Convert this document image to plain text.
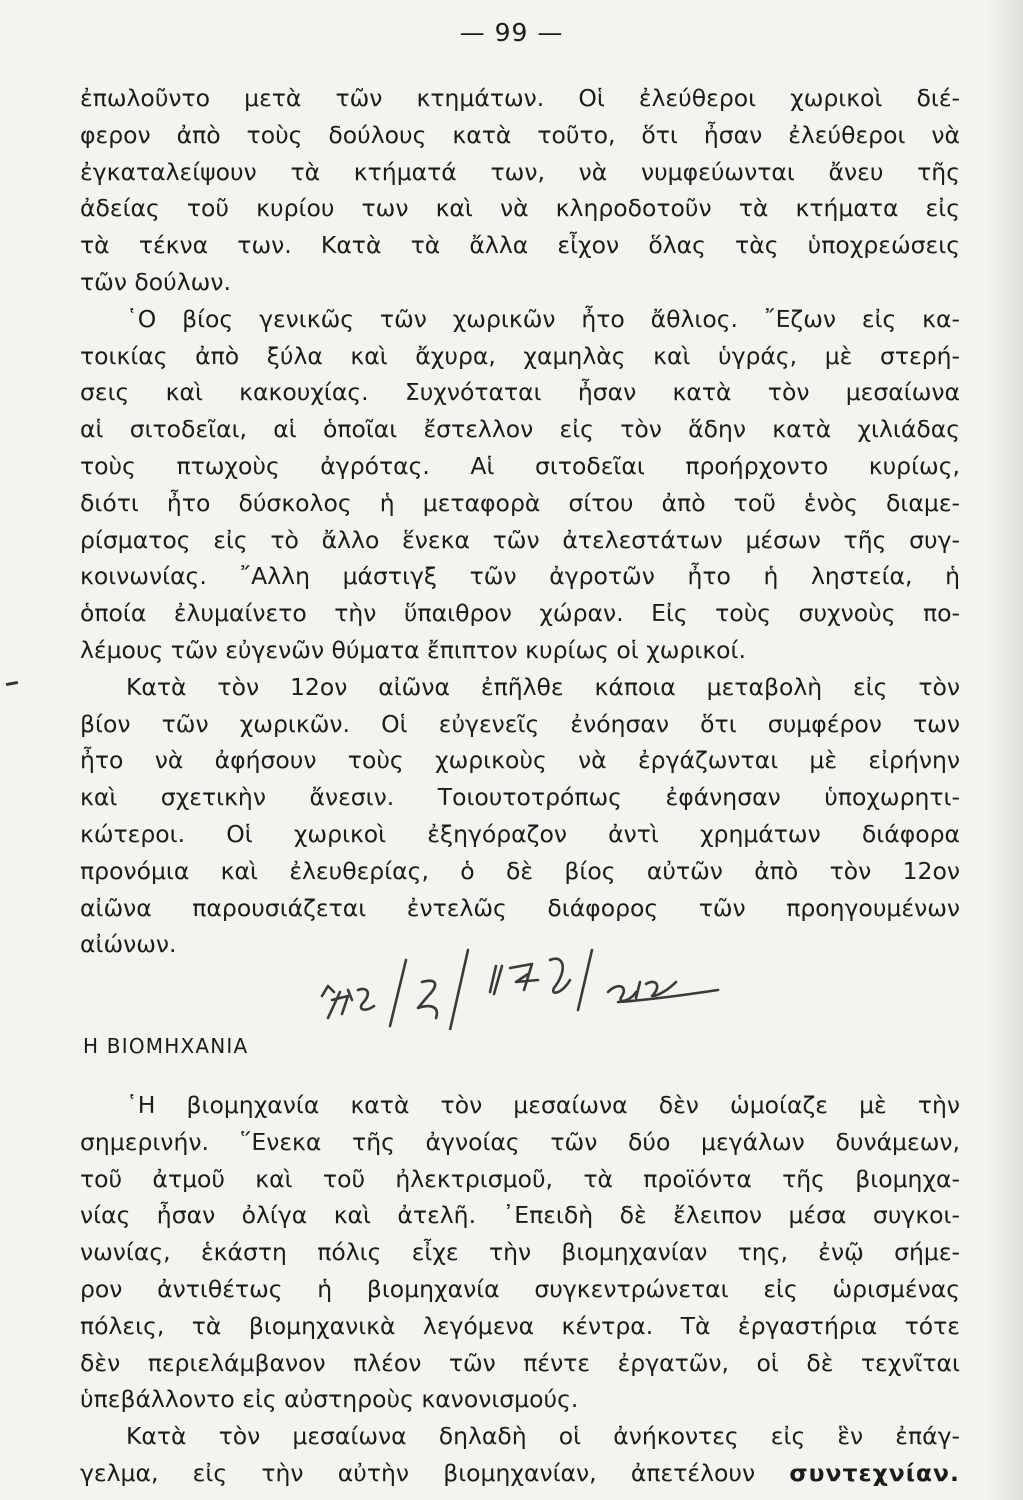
— 99 —
ἐπωλοῦντο μετὰ τῶν κτημάτων. Οἱ ἐλεύθεροι χωρικοὶ διέ-
φερον ἀπὸ τοὺς δούλους κατὰ τοῦτο, ὅτι ἦσαν ἐλεύθεροι νὰ
ἐγκαταλείψουν τὰ κτήματά των, νὰ νυμφεύωνται ἄνευ τῆς
ἀδείας τοῦ κυρίου των καὶ νὰ κληροδοτοῦν τὰ κτήματα εἰς
τὰ τέκνα των. Κατὰ τὰ ἄλλα εἶχον ὅλας τὰς ὑποχρεώσεις
τῶν δούλων.
῾Ο βίος γενικῶς τῶν χωρικῶν ἦτο ἄθλιος. ῎Εζων εἰς κα-
τοικίας ἀπὸ ξύλα καὶ ἄχυρα, χαμηλὰς καὶ ὑγράς, μὲ στερή-
σεις καὶ κακουχίας. Συχνόταται ἦσαν κατὰ τὸν μεσαίωνα
αἱ σιτοδεῖαι, αἱ ὁποῖαι ἔστελλον εἰς τὸν ἅδην κατὰ χιλιάδας
τοὺς πτωχοὺς ἀγρότας. Αἱ σιτοδεῖαι προήρχοντο κυρίως,
διότι ἦτο δύσκολος ἡ μεταφορὰ σίτου ἀπὸ τοῦ ἑνὸς διαμε-
ρίσματος εἰς τὸ ἄλλο ἕνεκα τῶν ἀτελεστάτων μέσων τῆς συγ-
κοινωνίας. ῎Αλλη μάστιγξ τῶν ἀγροτῶν ἦτο ἡ ληστεία, ἡ
ὁποία ἐλυμαίνετο τὴν ὕπαιθρον χώραν. Εἰς τοὺς συχνοὺς πο-
λέμους τῶν εὐγενῶν θύματα ἔπιπτον κυρίως οἱ χωρικοί.
Κατὰ τὸν 12ον αἰῶνα ἐπῆλθε κάποια μεταβολὴ εἰς τὸν
βίον τῶν χωρικῶν. Οἱ εὐγενεῖς ἐνόησαν ὅτι συμφέρον των
ἦτο νὰ ἀφήσουν τοὺς χωρικοὺς νὰ ἐργάζωνται μὲ εἰρήνην
καὶ σχετικὴν ἄνεσιν. Τοιουτοτρόπως ἐφάνησαν ὑποχωρητι-
κώτεροι. Οἱ χωρικοὶ ἐξηγόραζον ἀντὶ χρημάτων διάφορα
προνόμια καὶ ἐλευθερίας, ὁ δὲ βίος αὐτῶν ἀπὸ τὸν 12ον
αἰῶνα παρουσιάζεται ἐντελῶς διάφορος τῶν προηγουμένων
αἰώνων.
Η ΒΙΟΜΗΧΑΝΙΑ
῾Η βιομηχανία κατὰ τὸν μεσαίωνα δὲν ὡμοίαζε μὲ τὴν
σημερινήν. ῞Ενεκα τῆς ἀγνοίας τῶν δύο μεγάλων δυνάμεων,
τοῦ ἀτμοῦ καὶ τοῦ ἠλεκτρισμοῦ, τὰ προϊόντα τῆς βιομηχα-
νίας ἦσαν ὀλίγα καὶ ἀτελῆ. ᾿Επειδὴ δὲ ἔλειπον μέσα συγκοι-
νωνίας, ἑκάστη πόλις εἶχε τὴν βιομηχανίαν της, ἐνῷ σήμε-
ρον ἀντιθέτως ἡ βιομηχανία συγκεντρώνεται εἰς ὡρισμένας
πόλεις, τὰ βιομηχανικὰ λεγόμενα κέντρα. Τὰ ἐργαστήρια τότε
δὲν περιελάμβανον πλέον τῶν πέντε ἐργατῶν, οἱ δὲ τεχνῖται
ὑπεβάλλοντο εἰς αὐστηροὺς κανονισμούς.
Κατὰ τὸν μεσαίωνα δηλαδὴ οἱ ἀνήκοντες εἰς ἓν ἐπάγ-
γελμα, εἰς τὴν αὐτὴν βιομηχανίαν, ἀπετέλουν συντεχνίαν.
